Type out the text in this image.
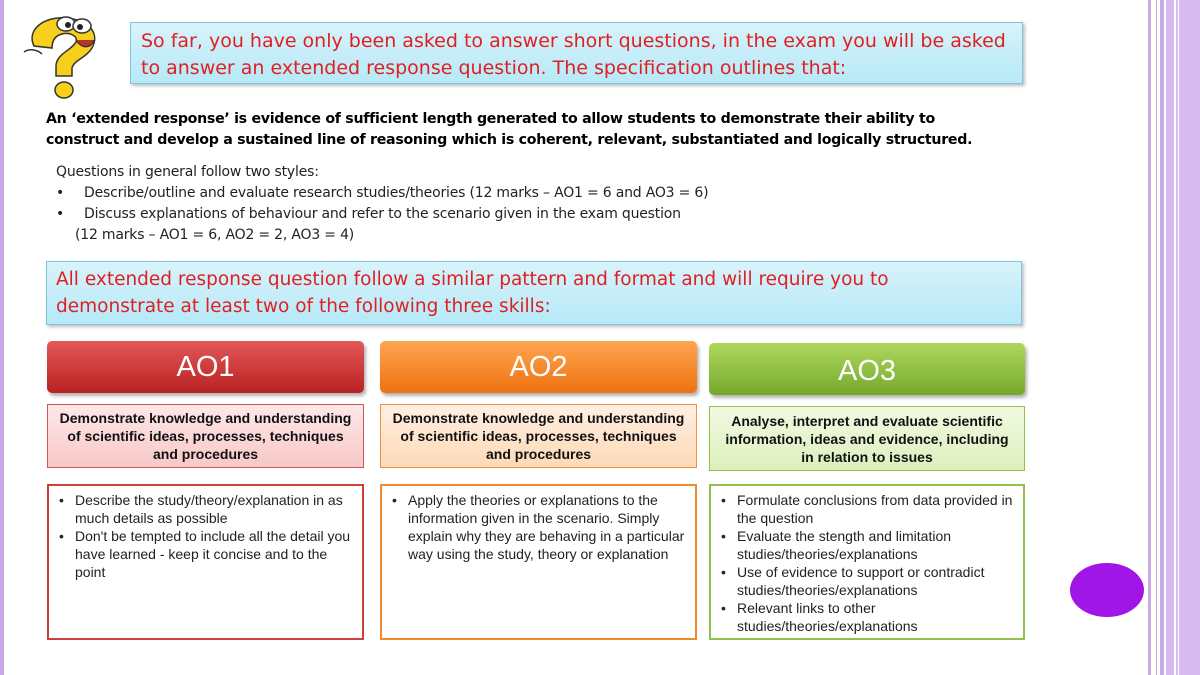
So far, you have only been asked to answer short questions, in the exam you will be asked to answer an extended response question. The specification outlines that:
An ‘extended response’ is evidence of sufficient length generated to allow students to demonstrate their ability to construct and develop a sustained line of reasoning which is coherent, relevant, substantiated and logically structured.
Questions in general follow two styles:
• Describe/outline and evaluate research studies/theories (12 marks – AO1 = 6 and AO3 = 6)
• Discuss explanations of behaviour and refer to the scenario given in the exam question
(12 marks – AO1 = 6, AO2 = 2, AO3 = 4)
All extended response question follow a similar pattern and format and will require you to demonstrate at least two of the following three skills:
AO1	AO2	AO3
Demonstrate knowledge and understanding of scientific ideas, processes, techniques and procedures
Demonstrate knowledge and understanding of scientific ideas, processes, techniques and procedures
Analyse, interpret and evaluate scientific information, ideas and evidence, including in relation to issues
• Describe the study/theory/explanation in as much details as possible
• Don't be tempted to include all the detail you have learned - keep it concise and to the point
• Apply the theories or explanations to the information given in the scenario. Simply explain why they are behaving in a particular way using the study, theory or explanation
• Formulate conclusions from data provided in the question
• Evaluate the stength and limitation studies/theories/explanations
• Use of evidence to support or contradict studies/theories/explanations
• Relevant links to other studies/theories/explanations
